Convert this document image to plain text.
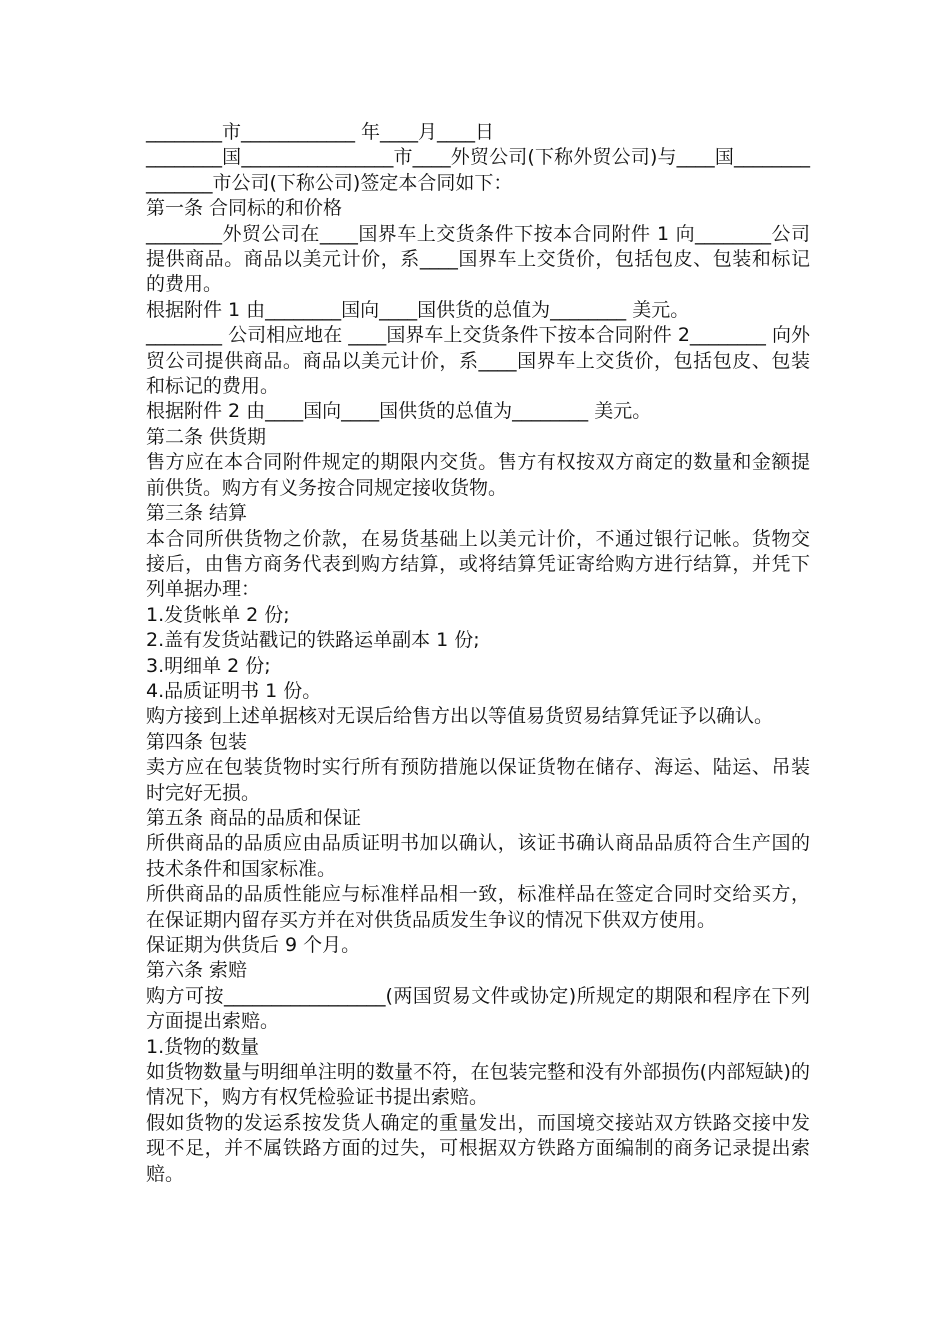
________市____________ 年____月____日

________国________________市____外贸公司(下称外贸公司)与____国_______________市公司(下称公司)签定本合同如下：

第一条 合同标的和价格

________外贸公司在____国界车上交货条件下按本合同附件 1 向________公司提供商品。商品以美元计价，系____国界车上交货价，包括包皮、包装和标记的费用。

根据附件 1 由________国向____国供货的总值为________ 美元。

________ 公司相应地在 ____国界车上交货条件下按本合同附件 2________ 向外贸公司提供商品。商品以美元计价，系____国界车上交货价，包括包皮、包装和标记的费用。

根据附件 2 由____国向____国供货的总值为________ 美元。

第二条 供货期

售方应在本合同附件规定的期限内交货。售方有权按双方商定的数量和金额提前供货。购方有义务按合同规定接收货物。

第三条 结算

本合同所供货物之价款，在易货基础上以美元计价，不通过银行记帐。货物交接后，由售方商务代表到购方结算，或将结算凭证寄给购方进行结算，并凭下列单据办理：

1.发货帐单 2 份;

2.盖有发货站戳记的铁路运单副本 1 份;

3.明细单 2 份;

4.品质证明书 1 份。

购方接到上述单据核对无误后给售方出以等值易货贸易结算凭证予以确认。

第四条 包装

卖方应在包装货物时实行所有预防措施以保证货物在储存、海运、陆运、吊装时完好无损。

第五条 商品的品质和保证

所供商品的品质应由品质证明书加以确认，该证书确认商品品质符合生产国的技术条件和国家标准。

所供商品的品质性能应与标准样品相一致，标准样品在签定合同时交给买方，在保证期内留存买方并在对供货品质发生争议的情况下供双方使用。

保证期为供货后 9 个月。

第六条 索赔

购方可按_________________(两国贸易文件或协定)所规定的期限和程序在下列方面提出索赔。

1.货物的数量

如货物数量与明细单注明的数量不符，在包装完整和没有外部损伤(内部短缺)的情况下，购方有权凭检验证书提出索赔。

假如货物的发运系按发货人确定的重量发出，而国境交接站双方铁路交接中发现不足，并不属铁路方面的过失，可根据双方铁路方面编制的商务记录提出索赔。
